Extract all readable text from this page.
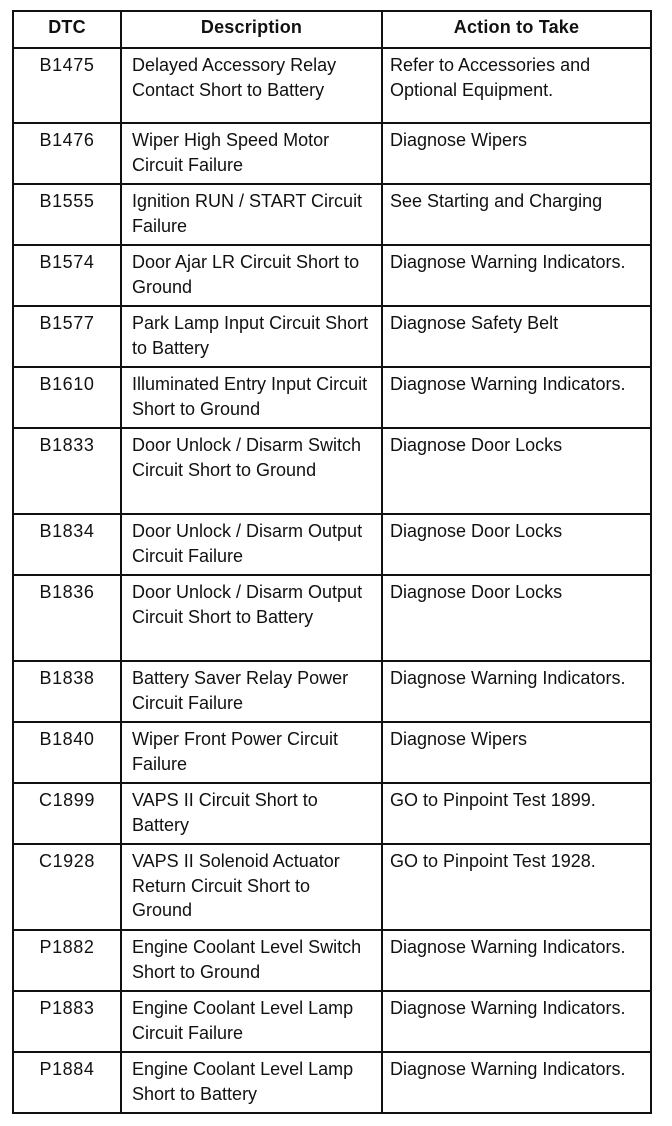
DTC	Description	Action to Take
B1475	Delayed Accessory Relay Contact Short to Battery	Refer to Accessories and Optional Equipment.
B1476	Wiper High Speed Motor Circuit Failure	Diagnose Wipers
B1555	Ignition RUN / START Circuit Failure	See Starting and Charging
B1574	Door Ajar LR Circuit Short to Ground	Diagnose Warning Indicators.
B1577	Park Lamp Input Circuit Short to Battery	Diagnose Safety Belt
B1610	Illuminated Entry Input Circuit Short to Ground	Diagnose Warning Indicators.
B1833	Door Unlock / Disarm Switch Circuit Short to Ground	Diagnose Door Locks
B1834	Door Unlock / Disarm Output Circuit Failure	Diagnose Door Locks
B1836	Door Unlock / Disarm Output Circuit Short to Battery	Diagnose Door Locks
B1838	Battery Saver Relay Power Circuit Failure	Diagnose Warning Indicators.
B1840	Wiper Front Power Circuit Failure	Diagnose Wipers
C1899	VAPS II Circuit Short to Battery	GO to Pinpoint Test 1899.
C1928	VAPS II Solenoid Actuator Return Circuit Short to Ground	GO to Pinpoint Test 1928.
P1882	Engine Coolant Level Switch Short to Ground	Diagnose Warning Indicators.
P1883	Engine Coolant Level Lamp Circuit Failure	Diagnose Warning Indicators.
P1884	Engine Coolant Level Lamp Short to Battery	Diagnose Warning Indicators.
